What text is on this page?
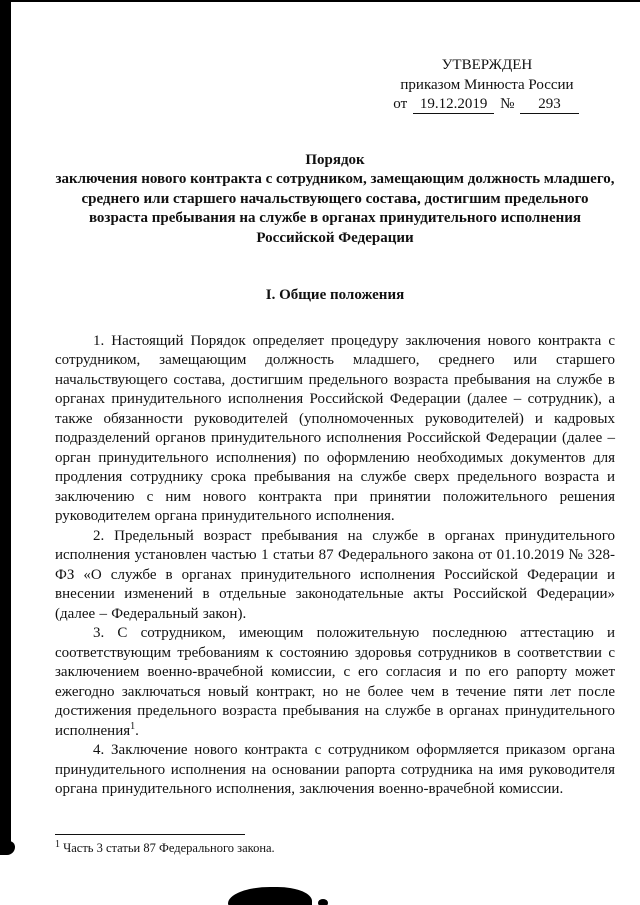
УТВЕРЖДЕН
приказом Минюста России
от 19.12.2019 № 293
Порядок
заключения нового контракта с сотрудником, замещающим должность младшего, среднего или старшего начальствующего состава, достигшим предельного возраста пребывания на службе в органах принудительного исполнения Российской Федерации
I. Общие положения

1. Настоящий Порядок определяет процедуру заключения нового контракта с сотрудником, замещающим должность младшего, среднего или старшего начальствующего состава, достигшим предельного возраста пребывания на службе в органах принудительного исполнения Российской Федерации (далее – сотрудник), а также обязанности руководителей (уполномоченных руководителей) и кадровых подразделений органов принудительного исполнения Российской Федерации (далее – орган принудительного исполнения) по оформлению необходимых документов для продления сотруднику срока пребывания на службе сверх предельного возраста и заключению с ним нового контракта при принятии положительного решения руководителем органа принудительного исполнения.

2. Предельный возраст пребывания на службе в органах принудительного исполнения установлен частью 1 статьи 87 Федерального закона от 01.10.2019 № 328-ФЗ «О службе в органах принудительного исполнения Российской Федерации и внесении изменений в отдельные законодательные акты Российской Федерации» (далее – Федеральный закон).

3. С сотрудником, имеющим положительную последнюю аттестацию и соответствующим требованиям к состоянию здоровья сотрудников в соответствии с заключением военно-врачебной комиссии, с его согласия и по его рапорту может ежегодно заключаться новый контракт, но не более чем в течение пяти лет после достижения предельного возраста пребывания на службе в органах принудительного исполнения$^1$.

4. Заключение нового контракта с сотрудником оформляется приказом органа принудительного исполнения на основании рапорта сотрудника на имя руководителя органа принудительного исполнения, заключения военно-врачебной комиссии.

$^1$ Часть 3 статьи 87 Федерального закона.
